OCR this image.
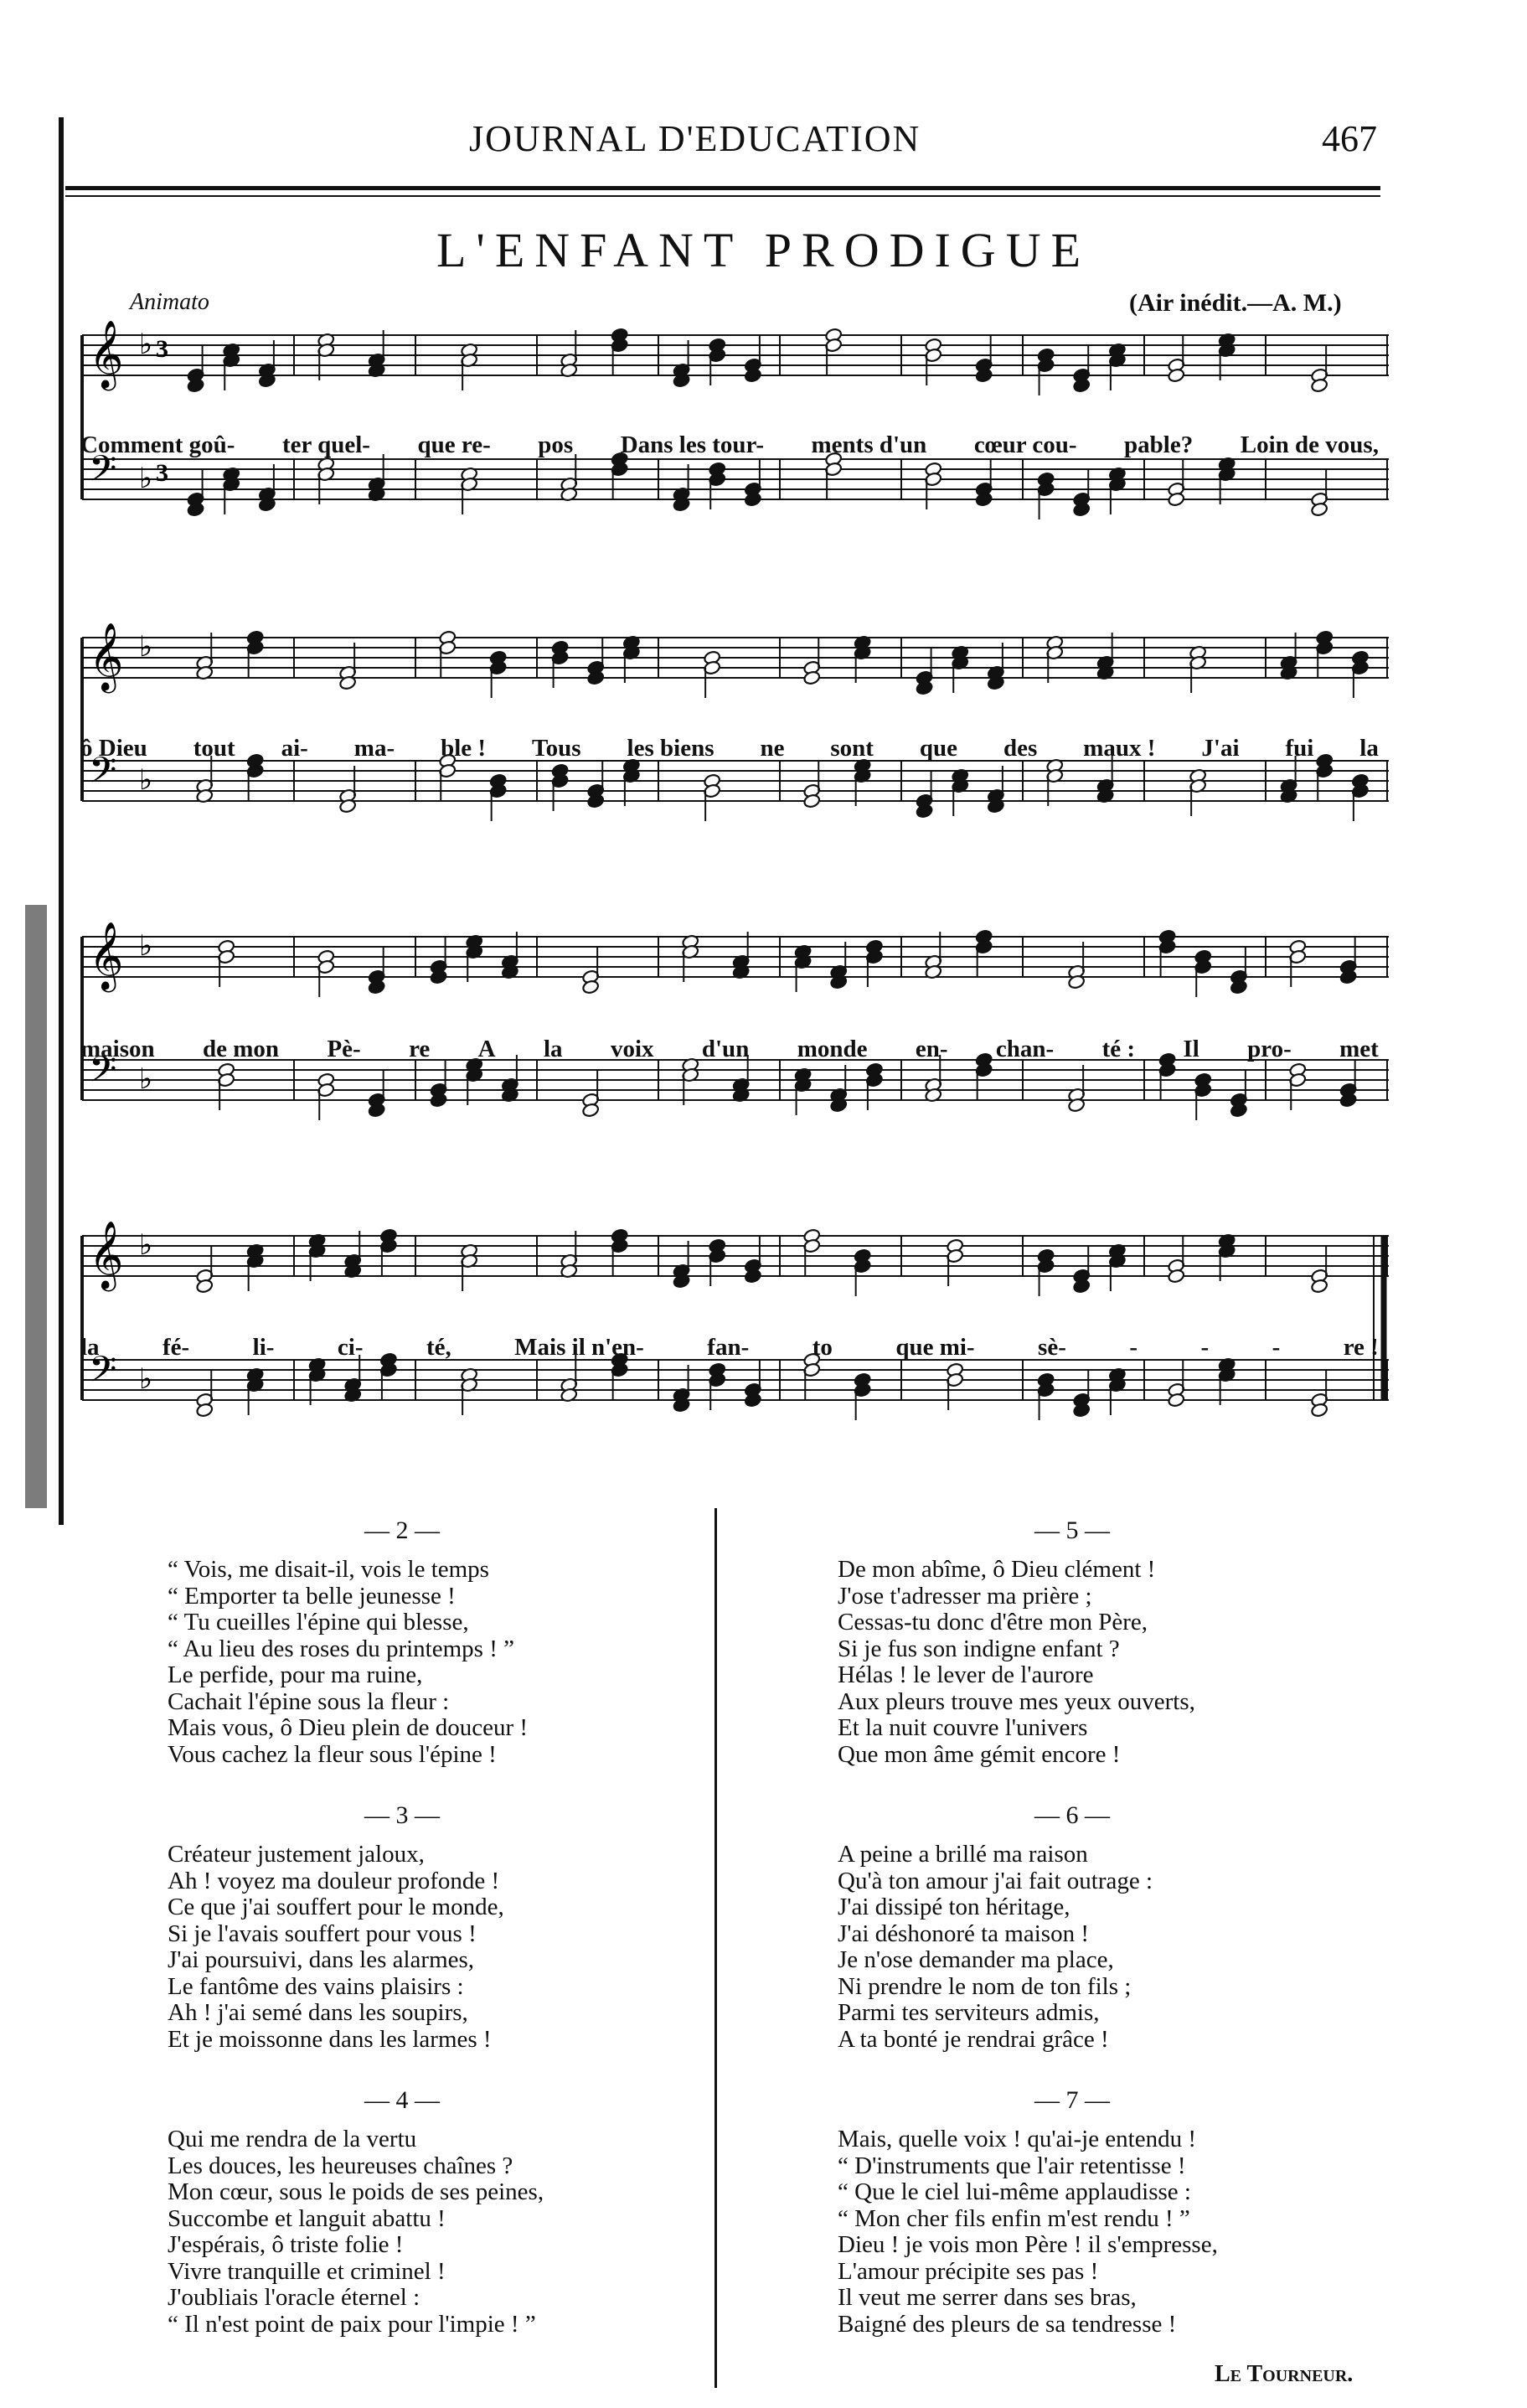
JOURNAL D'EDUCATION	467
L'ENFANT PRODIGUE
Animato	(Air inédit.—A. M.)
𝄞 ♭ 3
𝄢 ♭ 3
𝄞 ♭
𝄢 ♭
𝄞 ♭
𝄢 ♭
𝄞 ♭
𝄢 ♭
Comment goû- ter quel- que re- pos Dans les tour- ments d'un cœur cou- pable? Loin de vous,
ô Dieu tout ai- ma- ble ! Tous les biens ne sont que des maux ! J'ai fui la
maison de mon Pè- re A la voix d'un monde en- chan- té : Il pro- met
la	fé-	li-	ci-	té,	Mais il n'en-	fan-	to	que mi-	sè-	-	-	-	re !
— 2 —
“ Vois, me disait-il, vois le temps
“ Emporter ta belle jeunesse !
“ Tu cueilles l'épine qui blesse,
“ Au lieu des roses du printemps ! ”
Le perfide, pour ma ruine,
Cachait l'épine sous la fleur :
Mais vous, ô Dieu plein de douceur !
Vous cachez la fleur sous l'épine !
— 3 —
Créateur justement jaloux,
Ah ! voyez ma douleur profonde !
Ce que j'ai souffert pour le monde,
Si je l'avais souffert pour vous !
J'ai poursuivi, dans les alarmes,
Le fantôme des vains plaisirs :
Ah ! j'ai semé dans les soupirs,
Et je moissonne dans les larmes !
— 4 —
Qui me rendra de la vertu
Les douces, les heureuses chaînes ?
Mon cœur, sous le poids de ses peines,
Succombe et languit abattu !
J'espérais, ô triste folie !
Vivre tranquille et criminel !
J'oubliais l'oracle éternel :
“ Il n'est point de paix pour l'impie ! ”
— 5 —
De mon abîme, ô Dieu clément !
J'ose t'adresser ma prière ;
Cessas-tu donc d'être mon Père,
Si je fus son indigne enfant ?
Hélas ! le lever de l'aurore
Aux pleurs trouve mes yeux ouverts,
Et la nuit couvre l'univers
Que mon âme gémit encore !
— 6 —
A peine a brillé ma raison
Qu'à ton amour j'ai fait outrage :
J'ai dissipé ton héritage,
J'ai déshonoré ta maison !
Je n'ose demander ma place,
Ni prendre le nom de ton fils ;
Parmi tes serviteurs admis,
A ta bonté je rendrai grâce !
— 7 —
Mais, quelle voix ! qu'ai-je entendu !
“ D'instruments que l'air retentisse !
“ Que le ciel lui-même applaudisse :
“ Mon cher fils enfin m'est rendu ! ”
Dieu ! je vois mon Père ! il s'empresse,
L'amour précipite ses pas !
Il veut me serrer dans ses bras,
Baigné des pleurs de sa tendresse !
Le Tourneur.
